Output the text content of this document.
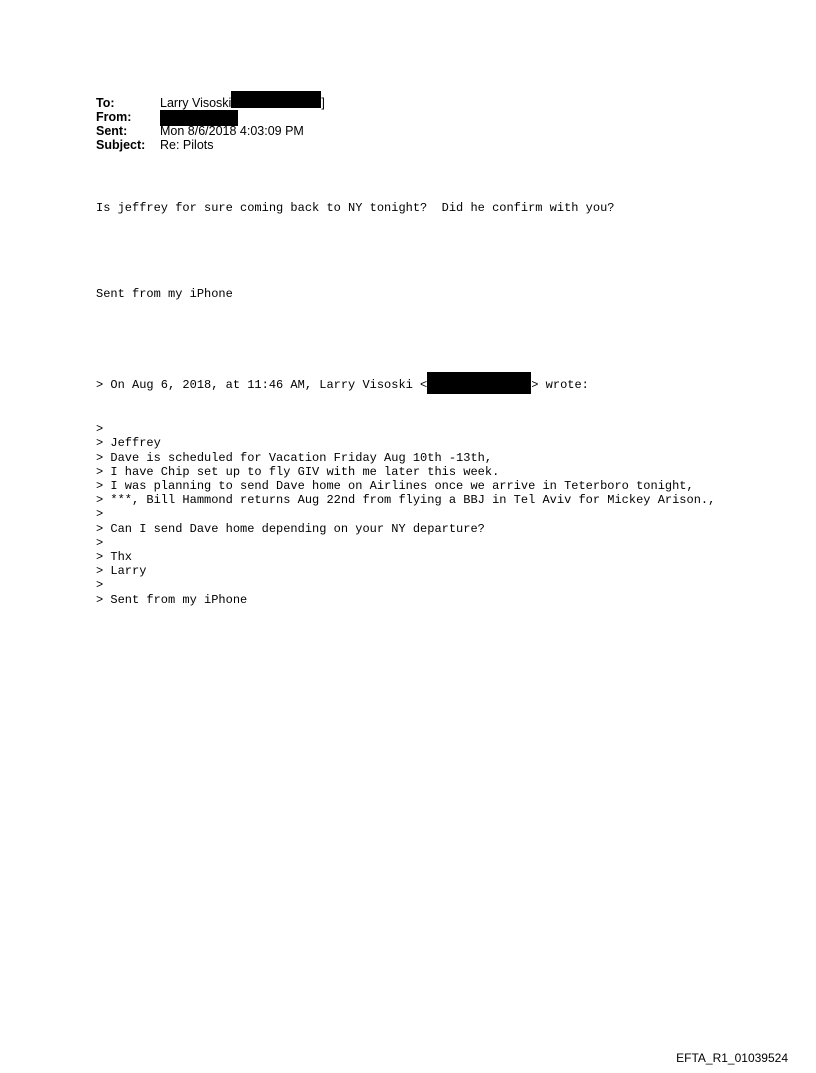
To:	Larry Visoski	]
From:
Sent:	Mon 8/6/2018 4:03:09 PM
Subject:	Re: Pilots

Is jeffrey for sure coming back to NY tonight?  Did he confirm with you?

Sent from my iPhone

> On Aug 6, 2018, at 11:46 AM, Larry Visoski <	> wrote:

>
> Jeffrey
> Dave is scheduled for Vacation Friday Aug 10th -13th,
> I have Chip set up to fly GIV with me later this week.
> I was planning to send Dave home on Airlines once we arrive in Teterboro tonight,
> ***, Bill Hammond returns Aug 22nd from flying a BBJ in Tel Aviv for Mickey Arison.,
>
> Can I send Dave home depending on your NY departure?
>
> Thx
> Larry
>
> Sent from my iPhone

EFTA_R1_01039524
